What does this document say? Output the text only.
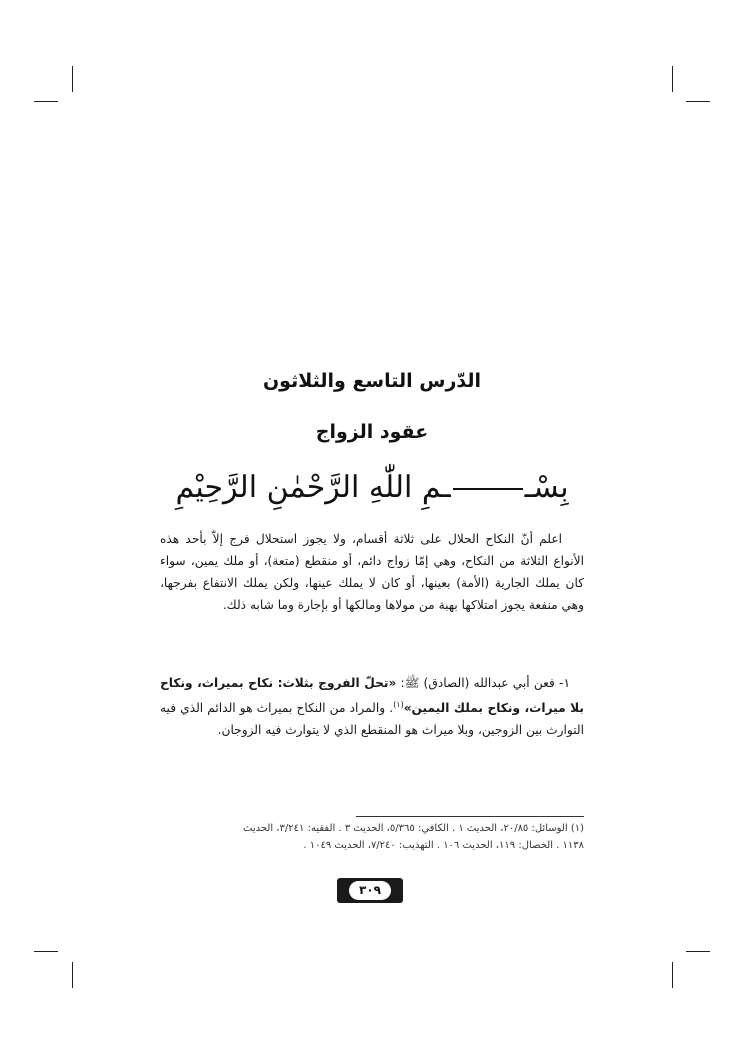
الدّرس التاسع والثلاثون
عقود الزواج
بِسْــمِ اللّٰهِ الرَّحْمٰنِ الرَّحِيْمِ
اعلم أنّ النكاح الحلال على ثلاثة أقسام، ولا يجوز استحلال فرج إلاّ بأحد هذه الأنواع الثلاثة من النكاح، وهي إمّا زواج دائم، أو منقطع (متعة)، أو ملك يمين، سواء كان يملك الجارية (الأمة) بعينها، أو كان لا يملك عينها، ولكن يملك الانتفاع بفرجها، وهي منفعة يجوز امتلاكها بهبة من مولاها ومالكها أو بإجارة وما شابه ذلك.
١- فعن أبي عبدالله (الصادق) ﷺ: «تحلّ الفروج بثلاث: نكاح بميراث، ونكاح بلا ميراث، ونكاح بملك اليمين»$^{(١)}$. والمراد من النكاح بميراث هو الدائم الذي فيه التوارث بين الزوجين، وبلا ميراث هو المنقطع الذي لا يتوارث فيه الزوجان.
(١) الوسائل: ٢٠/٨٥، الحديث ١ . الكافي: ٥/٣٦٥، الحديث ٣ . الفقيه: ٣/٢٤١، الحديث
١١٣٨ . الخصال: ١١٩، الحديث ١٠٦ . التهذيب: ٧/٢٤٠، الحديث ١٠٤٩ .
٣٠٩
